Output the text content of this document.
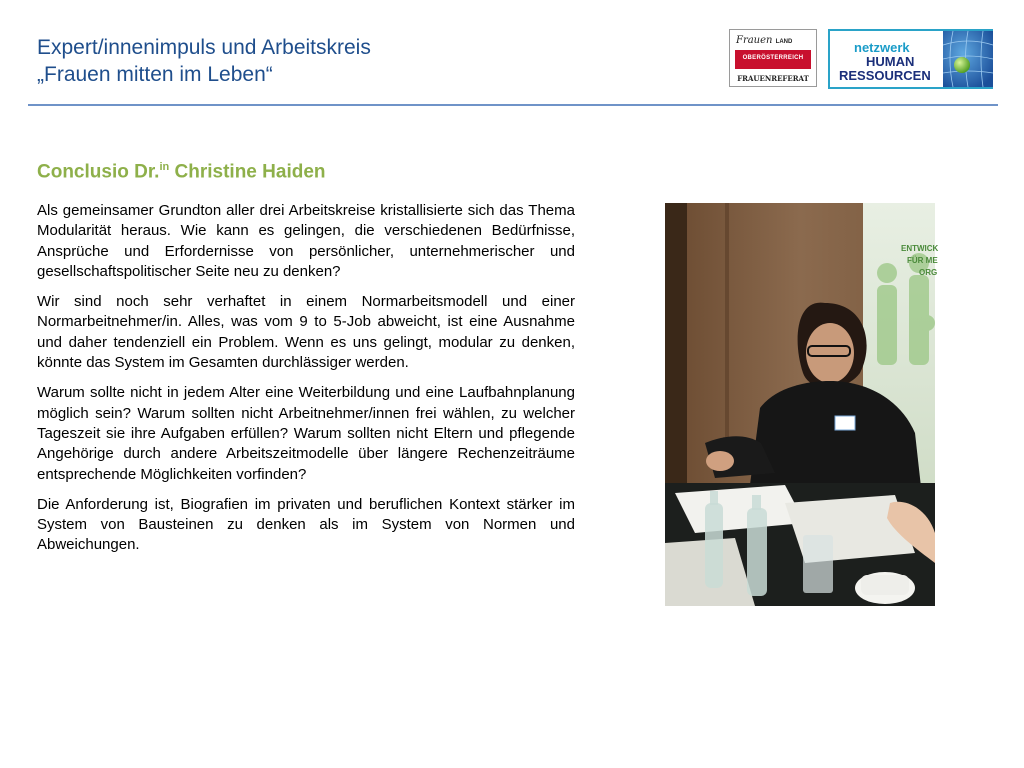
Expert/innenimpuls und Arbeitskreis
„Frauen mitten im Leben“
Frauen LAND
OBERÖSTERREICH
FRAUENREFERAT
netzwerk
HUMAN
RESSOURCEN
Conclusio Dr.$^{in}$ Christine Haiden

Als gemeinsamer Grundton aller drei Arbeitskreise kristallisierte sich das Thema Modularität heraus. Wie kann es gelingen, die verschiedenen Bedürfnisse, Ansprüche und Erfordernisse von persönlicher, unternehmerischer und gesellschaftspolitischer Seite neu zu denken?

Wir sind noch sehr verhaftet in einem Normarbeitsmodell und einer Normarbeitnehmer/in. Alles, was vom 9 to 5-Job abweicht, ist eine Ausnahme und daher tendenziell ein Problem. Wenn es uns gelingt, modular zu denken, könnte das System im Gesamten durchlässiger werden.

Warum sollte nicht in jedem Alter eine Weiterbildung und eine Laufbahnplanung möglich sein? Warum sollten nicht Arbeitnehmer/innen frei wählen, zu welcher Tageszeit sie ihre Aufgaben erfüllen? Warum sollten nicht Eltern und pflegende Angehörige durch andere Arbeitszeitmodelle über längere Rechenzeiträume entsprechende Möglichkeiten vorfinden?

Die Anforderung ist, Biografien im privaten und beruflichen Kontext stärker im System von Bausteinen zu denken als im System von Normen und Abweichungen.

ENTWICK
FÜR ME
ORG
